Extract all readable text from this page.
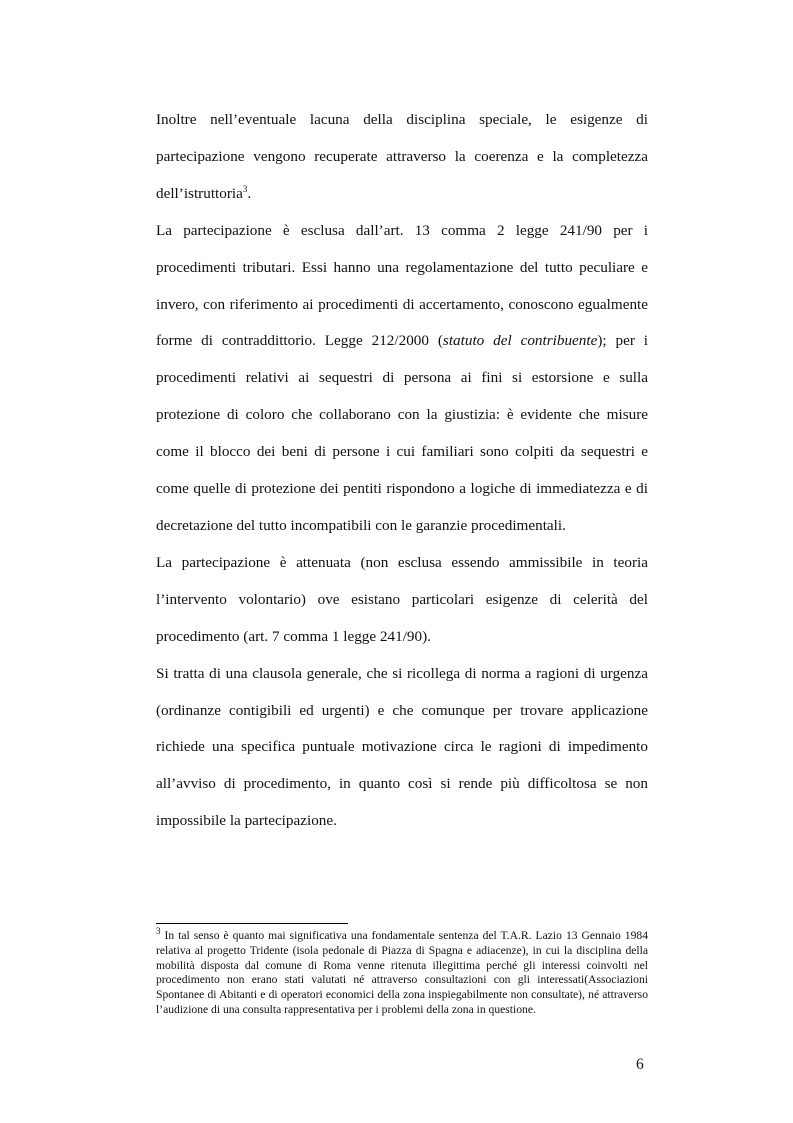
Inoltre nell’eventuale lacuna della disciplina speciale, le esigenze di partecipazione vengono recuperate attraverso la coerenza e la completezza dell’istruttoria$^3$.

La partecipazione è esclusa dall’art. 13 comma 2 legge 241/90 per i procedimenti tributari. Essi hanno una regolamentazione del tutto peculiare e invero, con riferimento ai procedimenti di accertamento, conoscono egualmente forme di contraddittorio. Legge 212/2000 (statuto del contribuente); per i procedimenti relativi ai sequestri di persona ai fini si estorsione e sulla protezione di coloro che collaborano con la giustizia: è evidente che misure come il blocco dei beni di persone i cui familiari sono colpiti da sequestri e come quelle di protezione dei pentiti rispondono a logiche di immediatezza e di decretazione del tutto incompatibili con le garanzie procedimentali.

La partecipazione è attenuata (non esclusa essendo ammissibile in teoria l’intervento volontario) ove esistano particolari esigenze di celerità del procedimento (art. 7 comma 1 legge 241/90).

Si tratta di una clausola generale, che si ricollega di norma a ragioni di urgenza (ordinanze contigibili ed urgenti) e che comunque per trovare applicazione richiede una specifica puntuale motivazione circa le ragioni di impedimento all’avviso di procedimento, in quanto così si rende più difficoltosa se non impossibile la partecipazione.

$^3$ In tal senso è quanto mai significativa una fondamentale sentenza del T.A.R. Lazio 13 Gennaio 1984 relativa al progetto Tridente (isola pedonale di Piazza di Spagna e adiacenze), in cui la disciplina della mobilità disposta dal comune di Roma venne ritenuta illegittima perché gli interessi coinvolti nel procedimento non erano stati valutati né attraverso consultazioni con gli interessati(Associazioni Spontanee di Abitanti e di operatori economici della zona inspiegabilmente non consultate), né attraverso l’audizione di una consulta rappresentativa per i problemi della zona in questione.

6
